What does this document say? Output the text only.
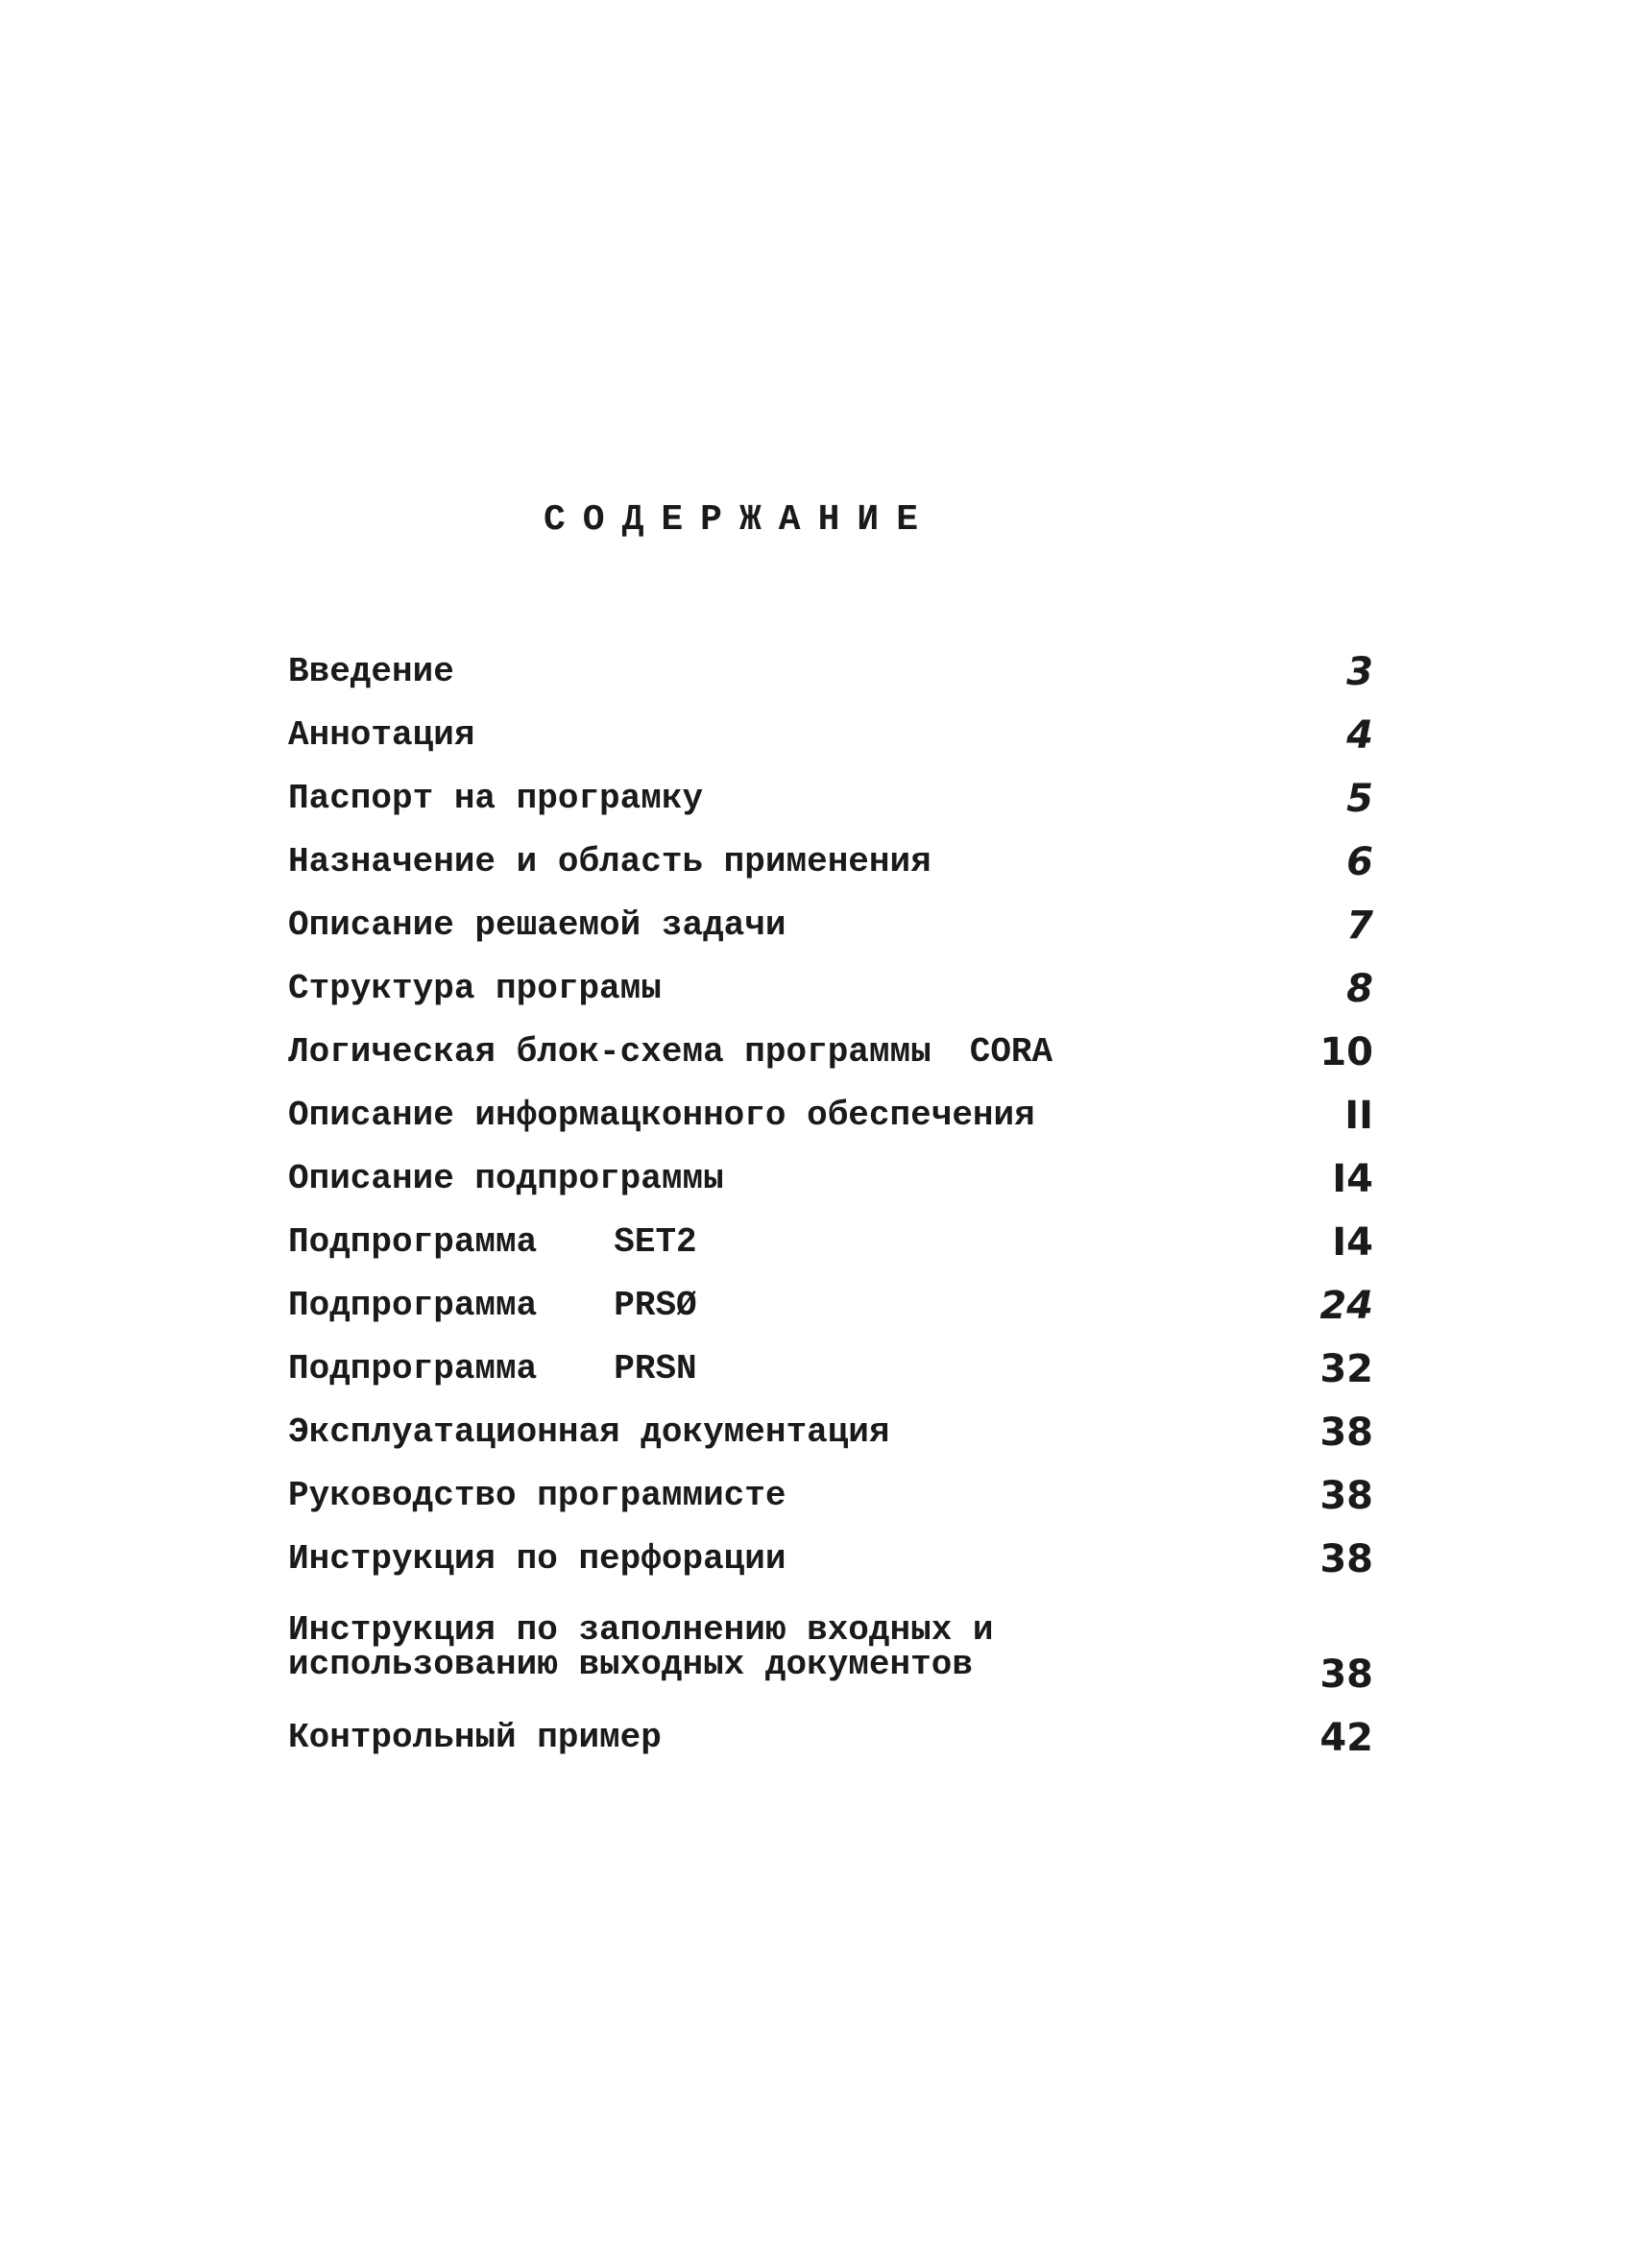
СОДЕРЖАНИЕ
Введение	3
Аннотация	4
Паспорт на програмку	5
Назначение и область применения	6
Описание решаемой задачи	7
Структура програмы	8
Логическая блок-схема программы CORA	10
Описание информацконного обеспечения	II
Описание подпрограммы	I4
Подпрограмма SET2	I4
Подпрограмма PRSØ	24
Подпрограмма PRSN	32
Эксплуатационная документация	38
Руководство программисте	38
Инструкция по перфорации	38
Инструкция по заполнению входных и
использованию выходных документов	38
Контрольный пример	42
